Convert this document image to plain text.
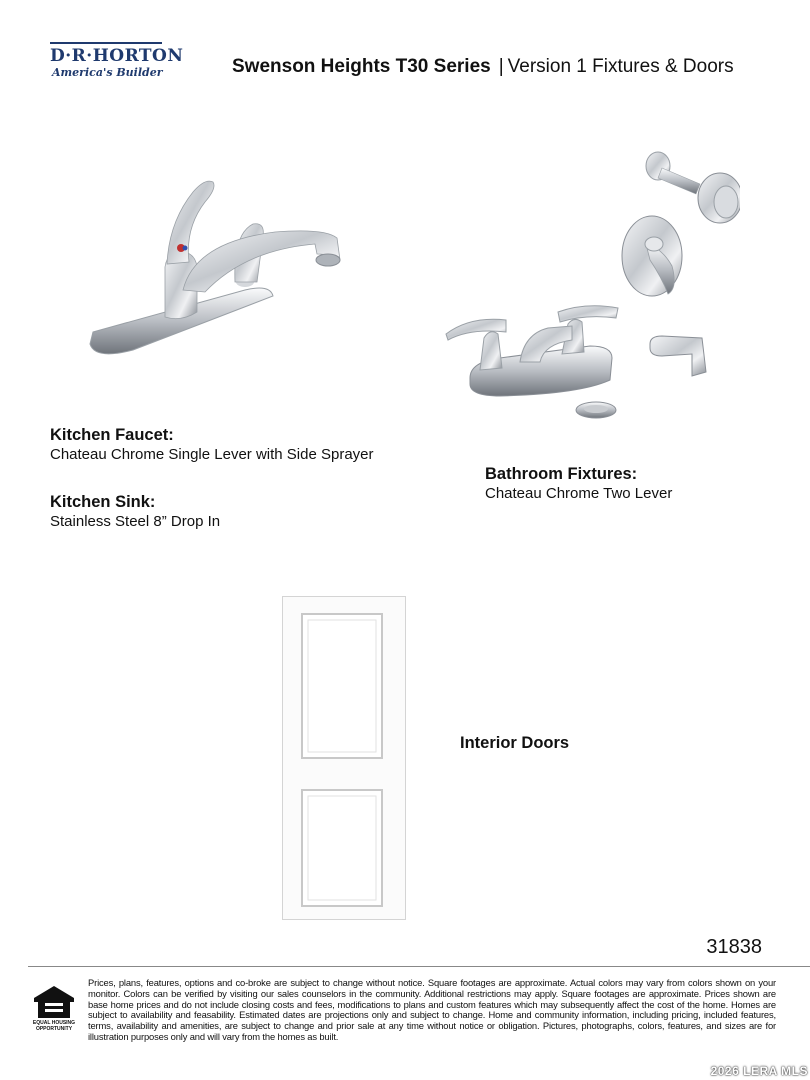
D·R·HORTON
America's Builder	Swenson Heights T30 Series | Version 1 Fixtures & Doors
Kitchen Faucet:
Chateau Chrome Single Lever with Side Sprayer
Kitchen Sink:
Stainless Steel 8” Drop In
Bathroom Fixtures:
Chateau Chrome Two Lever
Interior Doors
31838
EQUAL HOUSING OPPORTUNITY
Prices, plans, features, options and co-broke are subject to change without notice. Square footages are approximate. Actual colors may vary from colors shown on your monitor. Colors can be verified by visiting our sales counselors in the community. Additional restrictions may apply. Square footages are approximate. Prices shown are base home prices and do not include closing costs and fees, modifications to plans and custom features which may subsequently affect the cost of the home. Homes are subject to availability and feasability. Estimated dates are projections only and subject to change. Home and community information, including pricing, included features, terms, availability and amenities, are subject to change and prior sale at any time without notice or obligation. Pictures, photographs, colors, features, and sizes are for illustration purposes only and will vary from the homes as built.
2026 LERA MLS
